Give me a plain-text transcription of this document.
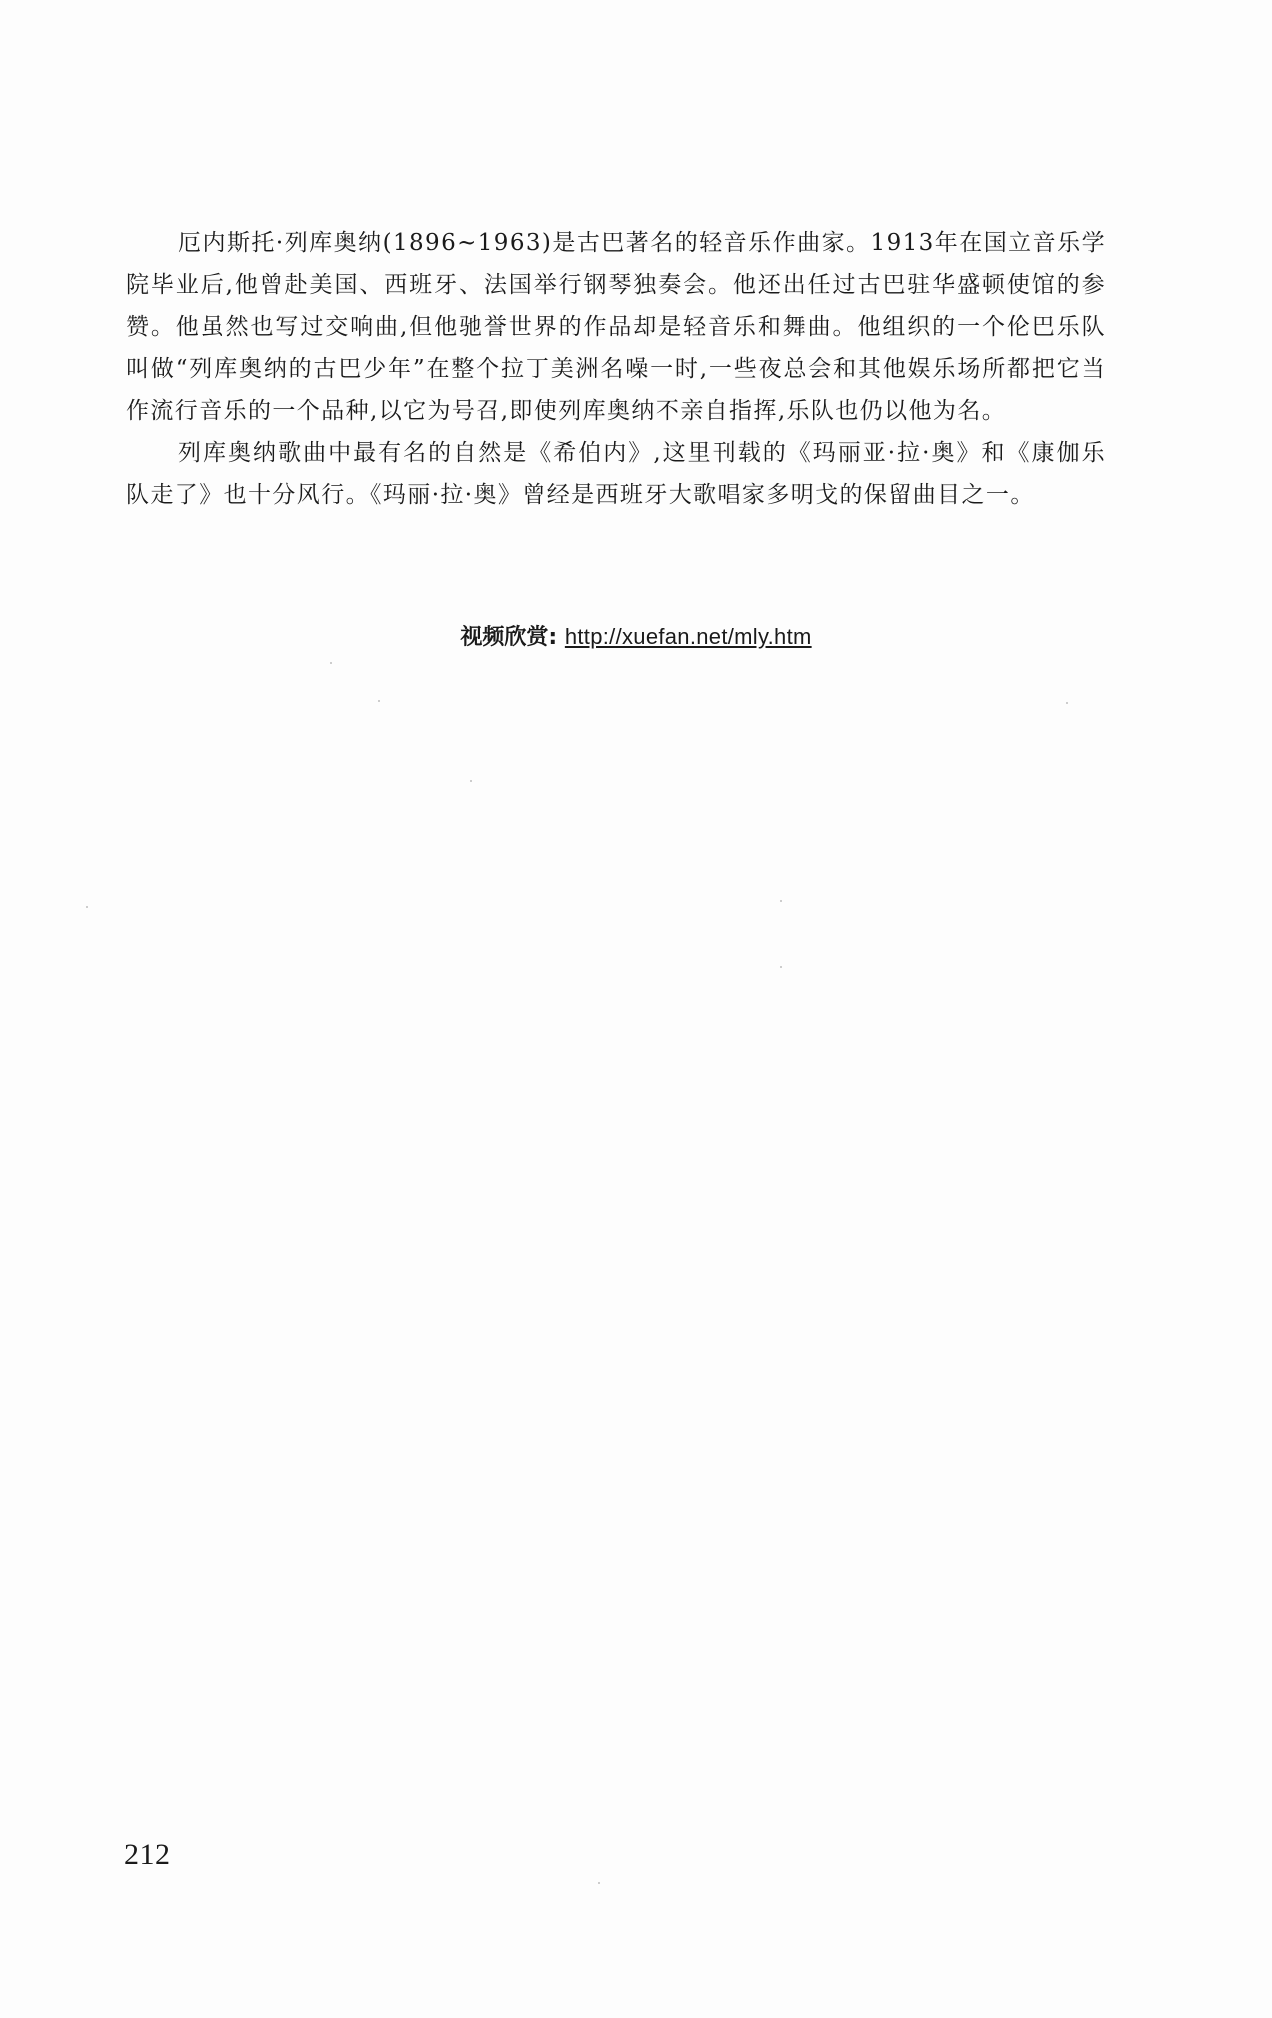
厄内斯托·列库奥纳(1896~1963)是古巴著名的轻音乐作曲家。1913年在国立音乐学院毕业后,他曾赴美国、西班牙、法国举行钢琴独奏会。他还出任过古巴驻华盛顿使馆的参赞。他虽然也写过交响曲,但他驰誉世界的作品却是轻音乐和舞曲。他组织的一个伦巴乐队叫做“列库奥纳的古巴少年”在整个拉丁美洲名噪一时,一些夜总会和其他娱乐场所都把它当作流行音乐的一个品种,以它为号召,即使列库奥纳不亲自指挥,乐队也仍以他为名。

列库奥纳歌曲中最有名的自然是《希伯内》,这里刊载的《玛丽亚·拉·奥》和《康伽乐队走了》也十分风行。《玛丽·拉·奥》曾经是西班牙大歌唱家多明戈的保留曲目之一。

视频欣赏: http://xuefan.net/mly.htm
212
